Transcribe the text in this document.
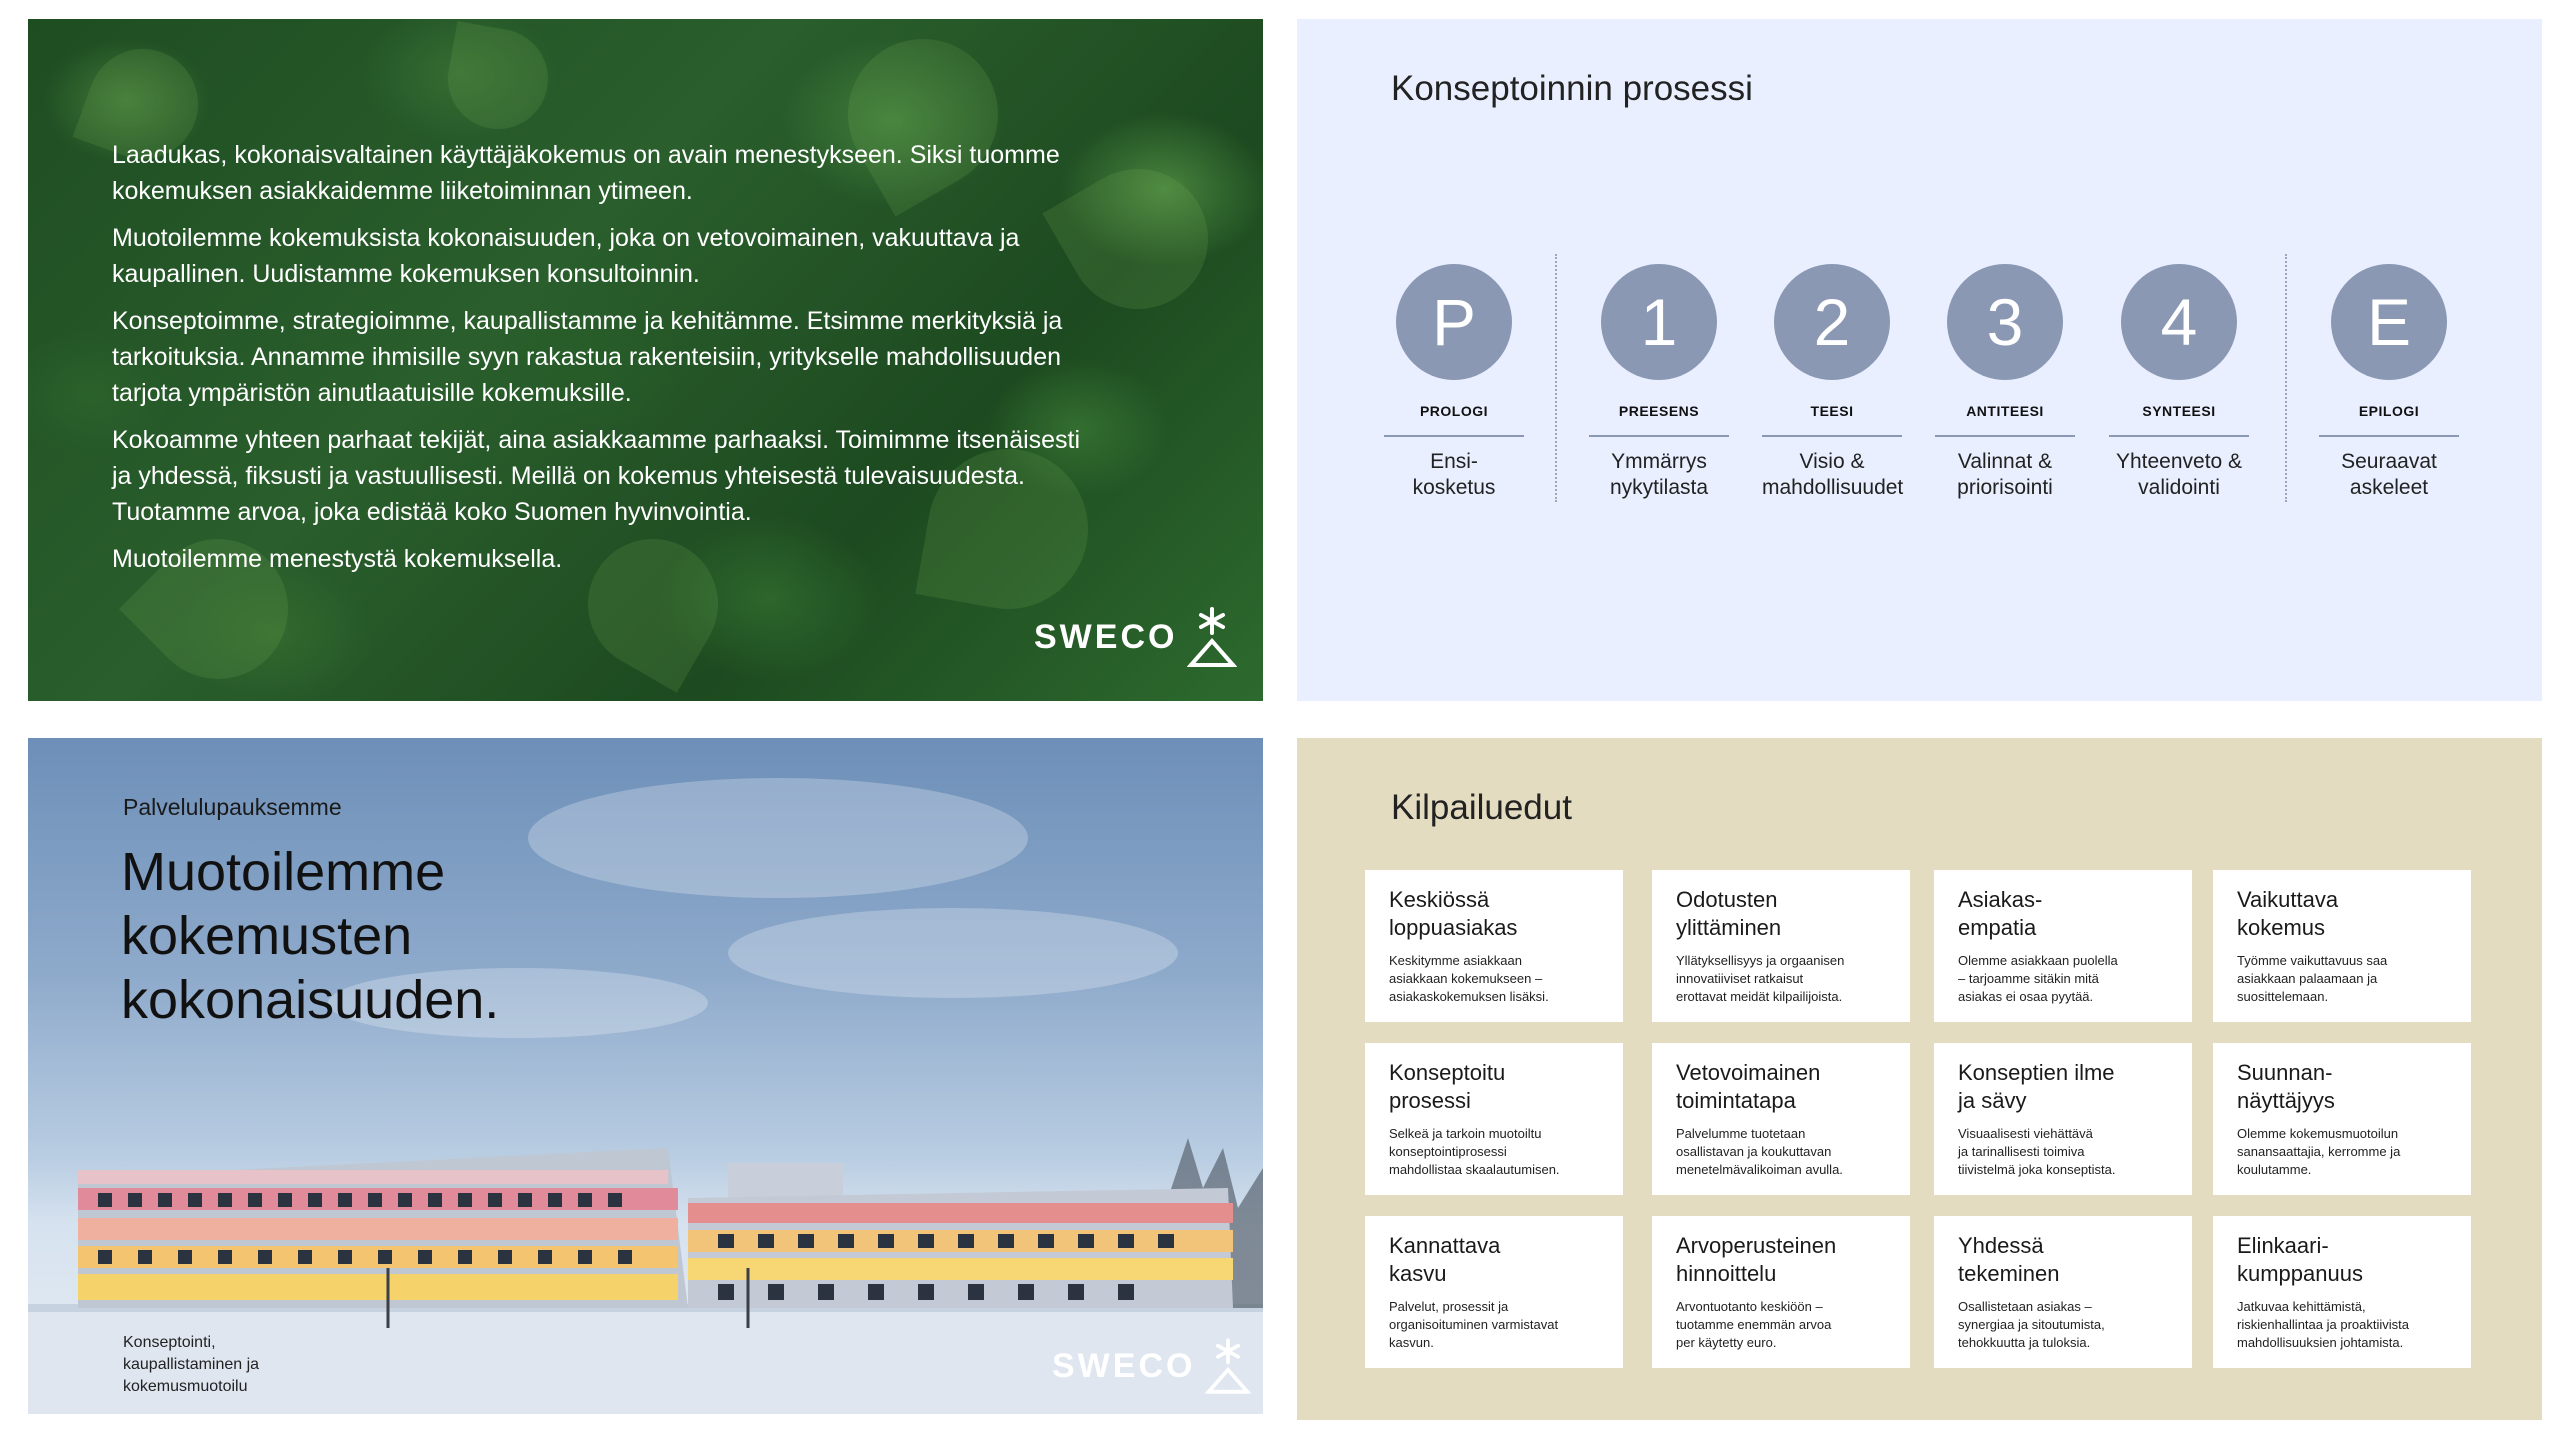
Laadukas, kokonaisvaltainen käyttäjäkokemus on avain menestykseen. Siksi tuomme kokemuksen asiakkaidemme liiketoiminnan ytimeen.

Muotoilemme kokemuksista kokonaisuuden, joka on vetovoimainen, vakuuttava ja kaupallinen. Uudistamme kokemuksen konsultoinnin.

Konseptoimme, strategioimme, kaupallistamme ja kehitämme. Etsimme merkityksiä ja tarkoituksia. Annamme ihmisille syyn rakastua rakenteisiin, yritykselle mahdollisuuden tarjota ympäristön ainutlaatuisille kokemuksille.

Kokoamme yhteen parhaat tekijät, aina asiakkaamme parhaaksi. Toimimme itsenäisesti ja yhdessä, fiksusti ja vastuullisesti. Meillä on kokemus yhteisestä tulevaisuudesta. Tuotamme arvoa, joka edistää koko Suomen hyvinvointia.

Muotoilemme menestystä kokemuksella.

SWECO
Konseptoinnin prosessi
P
PROLOGI
Ensi-
kosketus
1
PREESENS
Ymmärrys
nykytilasta
2
TEESI
Visio &
mahdollisuudet
3
ANTITEESI
Valinnat &
priorisointi
4
SYNTEESI
Yhteenveto &
validointi
E
EPILOGI
Seuraavat
askeleet
Palvelulupauksemme
Muotoilemme
kokemusten
kokonaisuuden.
Konseptointi,
kaupallistaminen ja
kokemusmuotoilu
SWECO
Kilpailuedut
Keskiössä
loppuasiakas
Keskitymme asiakkaan
asiakkaan kokemukseen –
asiakaskokemuksen lisäksi.
Odotusten
ylittäminen
Yllätyksellisyys ja orgaanisen
innovatiiviset ratkaisut
erottavat meidät kilpailijoista.
Asiakas-
empatia
Olemme asiakkaan puolella
– tarjoamme sitäkin mitä
asiakas ei osaa pyytää.
Vaikuttava
kokemus
Työmme vaikuttavuus saa
asiakkaan palaamaan ja
suosittelemaan.
Konseptoitu
prosessi
Selkeä ja tarkoin muotoiltu
konseptointiprosessi
mahdollistaa skaalautumisen.
Vetovoimainen
toimintatapa
Palvelumme tuotetaan
osallistavan ja koukuttavan
menetelmävalikoiman avulla.
Konseptien ilme
ja sävy
Visuaalisesti viehättävä
ja tarinallisesti toimiva
tiivistelmä joka konseptista.
Suunnan-
näyttäjyys
Olemme kokemusmuotoilun
sanansaattajia, kerromme ja
koulutamme.
Kannattava
kasvu
Palvelut, prosessit ja
organisoituminen varmistavat
kasvun.
Arvoperusteinen
hinnoittelu
Arvontuotanto keskiöön –
tuotamme enemmän arvoa
per käytetty euro.
Yhdessä
tekeminen
Osallistetaan asiakas –
synergiaa ja sitoutumista,
tehokkuutta ja tuloksia.
Elinkaari-
kumppanuus
Jatkuvaa kehittämistä,
riskienhallintaa ja proaktiivista
mahdollisuuksien johtamista.
